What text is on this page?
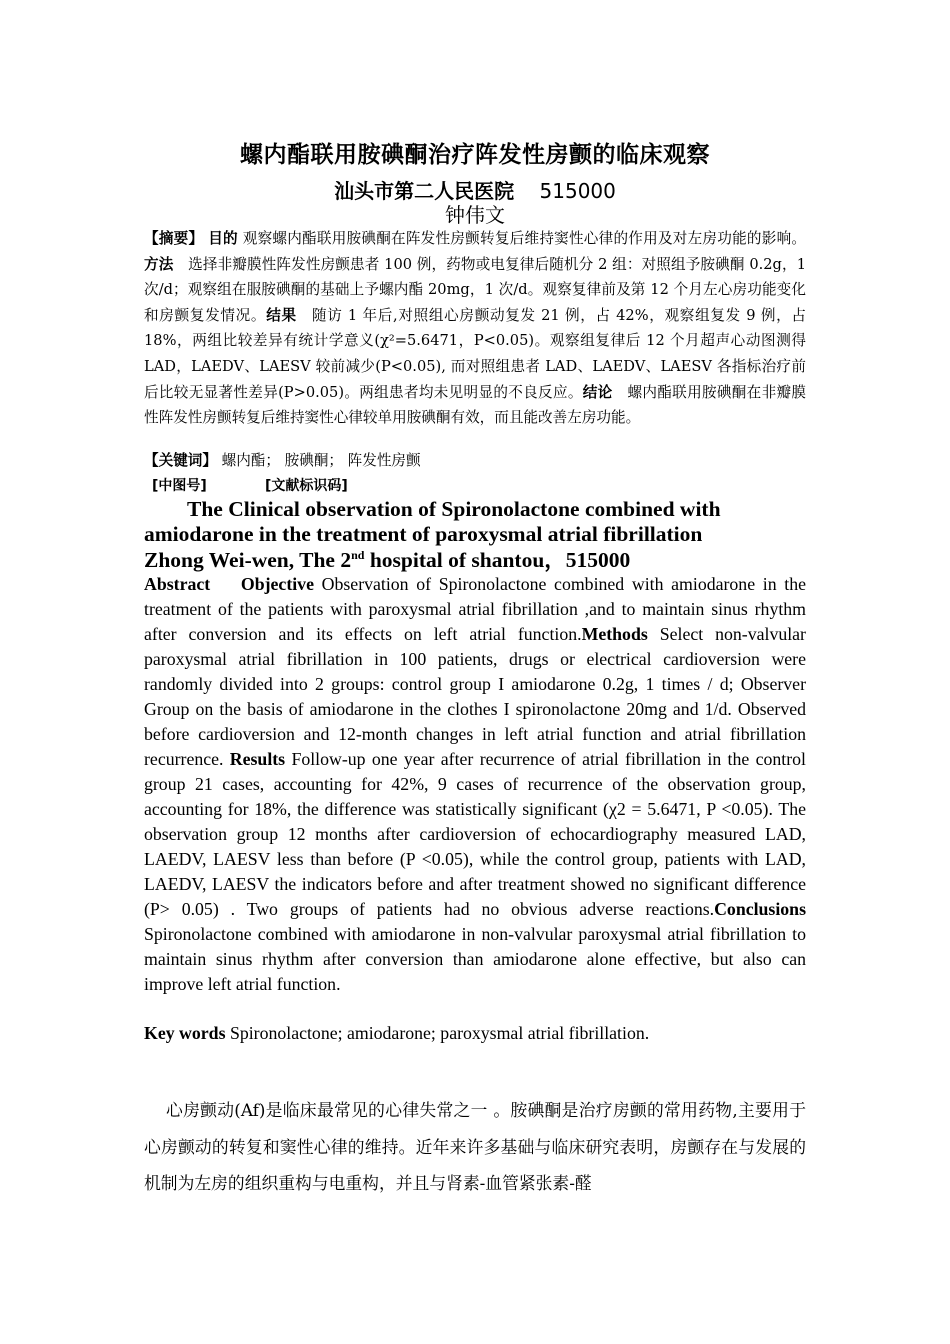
螺内酯联用胺碘酮治疗阵发性房颤的临床观察
汕头市第二人民医院 515000
钟伟文
【摘要】 目的 观察螺内酯联用胺碘酮在阵发性房颤转复后维持窦性心律的作用及对左房功能的影响。方法　选择非瓣膜性阵发性房颤患者 100 例，药物或电复律后随机分 2 组：对照组予胺碘酮 0.2g，1 次/d；观察组在服胺碘酮的基础上予螺内酯 20mg，1 次/d。观察复律前及第 12 个月左心房功能变化和房颤复发情况。结果　随访 1 年后,对照组心房颤动复发 21 例，占 42%，观察组复发 9 例，占 18%，两组比较差异有统计学意义(χ²=5.6471，P<0.05)。观察组复律后 12 个月超声心动图测得 LAD，LAEDV、LAESV 较前减少(P<0.05), 而对照组患者 LAD、LAEDV、LAESV 各指标治疗前后比较无显著性差异(P>0.05)。两组患者均未见明显的不良反应。结论　螺内酯联用胺碘酮在非瓣膜性阵发性房颤转复后维持窦性心律较单用胺碘酮有效，而且能改善左房功能。
【关键词】 螺内酯； 胺碘酮； 阵发性房颤
[中图号]	[文献标识码]
The Clinical observation of Spironolactone combined with
amiodarone in the treatment of paroxysmal atrial fibrillation
Zhong Wei-wen, The 2nd hospital of shantou，515000
Abstract Objective Observation of Spironolactone combined with amiodarone in the treatment of the patients with paroxysmal atrial fibrillation ,and to maintain sinus rhythm after conversion and its effects on left atrial function.Methods Select non-valvular paroxysmal atrial fibrillation in 100 patients, drugs or electrical cardioversion were randomly divided into 2 groups: control group I amiodarone 0.2g, 1 times / d; Observer Group on the basis of amiodarone in the clothes I spironolactone 20mg and 1/d. Observed before cardioversion and 12-month changes in left atrial function and atrial fibrillation recurrence. Results Follow-up one year after recurrence of atrial fibrillation in the control group 21 cases, accounting for 42%, 9 cases of recurrence of the observation group, accounting for 18%, the difference was statistically significant (χ2 = 5.6471, P <0.05). The observation group 12 months after cardioversion of echocardiography measured LAD, LAEDV, LAESV less than before (P <0.05), while the control group, patients with LAD, LAEDV, LAESV the indicators before and after treatment showed no significant difference (P> 0.05) . Two groups of patients had no obvious adverse reactions.Conclusions Spironolactone combined with amiodarone in non-valvular paroxysmal atrial fibrillation to maintain sinus rhythm after conversion than amiodarone alone effective, but also can improve left atrial function.
Key words Spironolactone; amiodarone; paroxysmal atrial fibrillation.
心房颤动(Af)是临床最常见的心律失常之一 。胺碘酮是治疗房颤的常用药物,主要用于心房颤动的转复和窦性心律的维持。近年来许多基础与临床研究表明，房颤存在与发展的机制为左房的组织重构与电重构，并且与肾素-血管紧张素-醛
